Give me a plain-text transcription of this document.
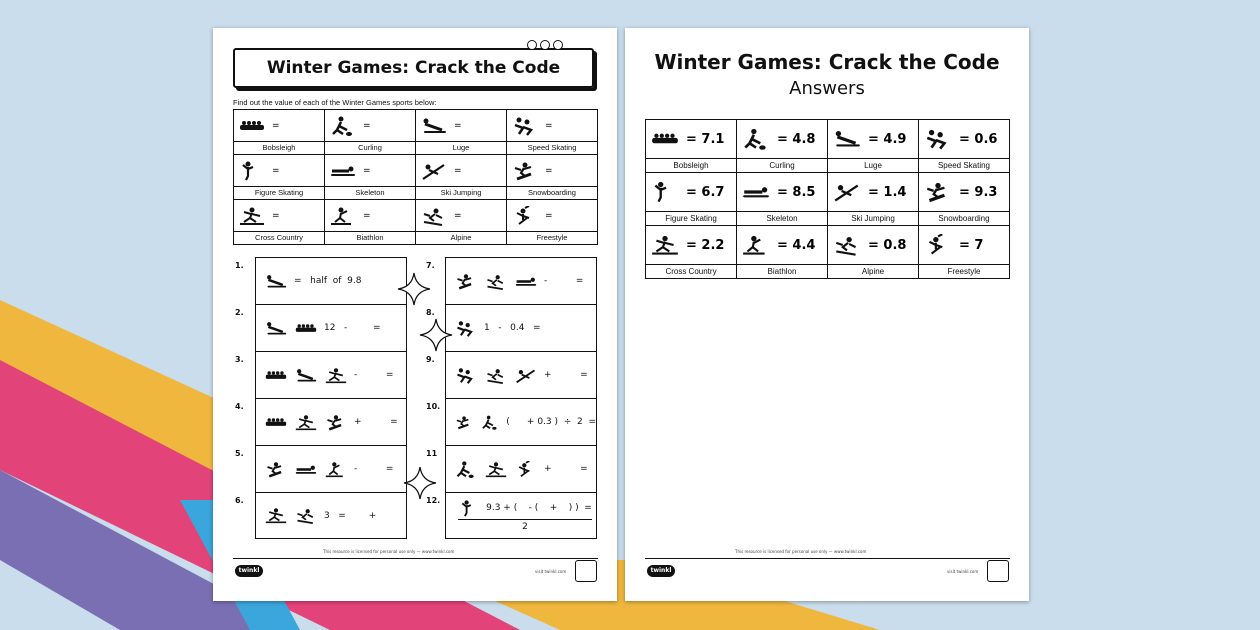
Winter Games: Crack the Code
Find out the value of each of the Winter Games sports below:
=
Bobsleigh
=
Curling
=
Luge
=
Speed Skating
=
Figure Skating
=
Skeleton
=
Ski Jumping
=
Snowboarding
=
Cross Country
=
Biathlon
=
Alpine
=
Freestyle
1.
=   half  of  9.8
2.
12   -         =
3.
-          =
4.
+          =
5.
-          =
6.
3   =        +
7.
-          =
8.
1   -   0.4   =
9.
+          =
10.
(      + 0.3 )  ÷  2  =
11
+          =
12.
9.3 + (    - (    +    ) )  =
2
This resource is licensed for personal use only — www.twinkl.com
twinkl	visit twinkl.com
Winter Games: Crack the Code
Answers
= 7.1
Bobsleigh
= 4.8
Curling
= 4.9
Luge
= 0.6
Speed Skating
= 6.7
Figure Skating
= 8.5
Skeleton
= 1.4
Ski Jumping
= 9.3
Snowboarding
= 2.2
Cross Country
= 4.4
Biathlon
= 0.8
Alpine
= 7
Freestyle
This resource is licensed for personal use only — www.twinkl.com
twinkl	visit twinkl.com
